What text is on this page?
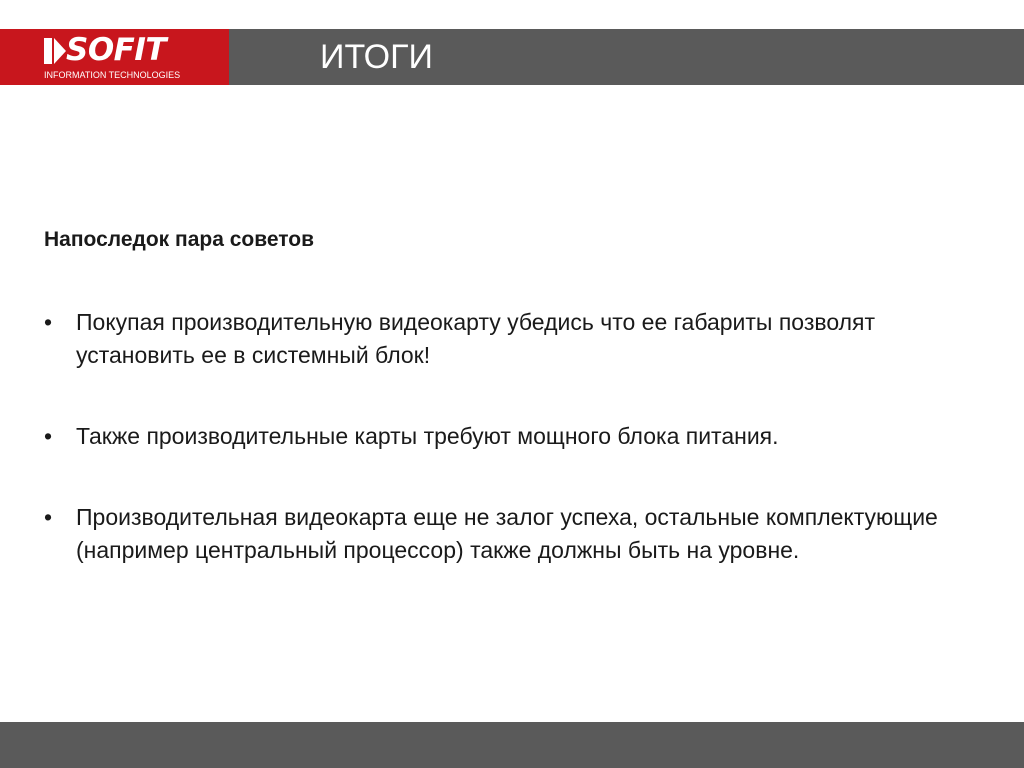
SOFIT
INFORMATION TECHNOLOGIES	ИТОГИ
Напоследок пара советов
•	Покупая производительную видеокарту убедись что ее габариты позволят установить ее в системный блок!
•	Также производительные карты требуют мощного блока питания.
•	Производительная видеокарта еще не залог успеха, остальные комплектующие (например центральный процессор) также должны быть на уровне.
